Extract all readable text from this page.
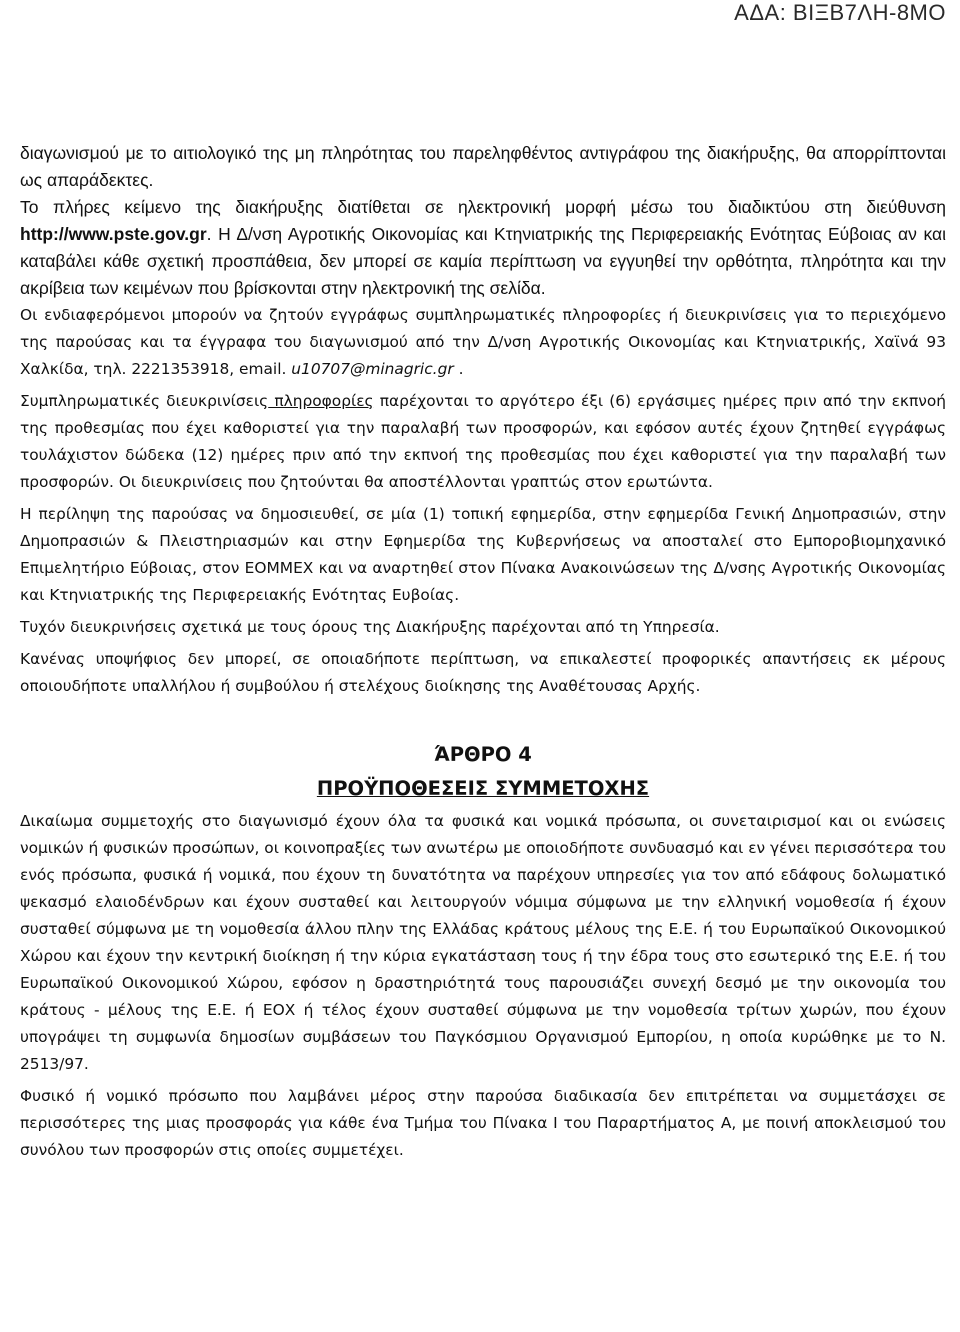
ΑΔΑ: ΒΙΞΒ7ΛΗ-8ΜΟ

διαγωνισμού με το αιτιολογικό της μη πληρότητας του παρεληφθέντος αντιγράφου της διακήρυξης, θα απορρίπτονται ως απαράδεκτες.
Το πλήρες κείμενο της διακήρυξης διατίθεται σε ηλεκτρονική μορφή μέσω του διαδικτύου στη διεύθυνση http://www.pste.gov.gr. Η Δ/νση Αγροτικής Οικονομίας και Κτηνιατρικής της Περιφερειακής Ενότητας Εύβοιας αν και καταβάλει κάθε σχετική προσπάθεια, δεν μπορεί σε καμία περίπτωση να εγγυηθεί την ορθότητα, πληρότητα και την ακρίβεια των κειμένων που βρίσκονται στην ηλεκτρονική της σελίδα.

Οι ενδιαφερόμενοι μπορούν να ζητούν εγγράφως συμπληρωματικές πληροφορίες ή διευκρινίσεις για το περιεχόμενο της παρούσας και τα έγγραφα του διαγωνισμού από την Δ/νση Αγροτικής Οικονομίας και Κτηνιατρικής, Χαϊνά 93 Χαλκίδα, τηλ. 2221353918, email. u10707@minagric.gr .

Συμπληρωματικές διευκρινίσεις πληροφορίες παρέχονται το αργότερο έξι (6) εργάσιμες ημέρες πριν από την εκπνοή της προθεσμίας που έχει καθοριστεί για την παραλαβή των προσφορών, και εφόσον αυτές έχουν ζητηθεί εγγράφως τουλάχιστον δώδεκα (12) ημέρες πριν από την εκπνοή της προθεσμίας που έχει καθοριστεί για την παραλαβή των προσφορών. Οι διευκρινίσεις που ζητούνται θα αποστέλλονται γραπτώς στον ερωτώντα.

Η περίληψη της παρούσας να δημοσιευθεί, σε μία (1) τοπική εφημερίδα, στην εφημερίδα Γενική Δημοπρασιών, στην Δημοπρασιών & Πλειστηριασμών και στην Εφημερίδα της Κυβερνήσεως να αποσταλεί στο Εμποροβιομηχανικό Επιμελητήριο Εύβοιας, στον ΕΟΜΜΕΧ και να αναρτηθεί στον Πίνακα Ανακοινώσεων της Δ/νσης Αγροτικής Οικονομίας και Κτηνιατρικής της Περιφερειακής Ενότητας Ευβοίας.

Τυχόν διευκρινήσεις σχετικά με τους όρους της Διακήρυξης παρέχονται από τη Υπηρεσία.

Κανένας υποψήφιος δεν μπορεί, σε οποιαδήποτε περίπτωση, να επικαλεστεί προφορικές απαντήσεις εκ μέρους οποιουδήποτε υπαλλήλου ή συμβούλου ή στελέχους διοίκησης της Αναθέτουσας Αρχής.

ΆΡΘΡΟ 4
ΠΡΟΫΠΟΘΕΣΕΙΣ ΣΥΜΜΕΤΟΧΗΣ

Δικαίωμα συμμετοχής στο διαγωνισμό έχουν όλα τα φυσικά και νομικά πρόσωπα, οι συνεταιρισμοί και οι ενώσεις νομικών ή φυσικών προσώπων, οι κοινοπραξίες των ανωτέρω με οποιοδήποτε συνδυασμό και εν γένει περισσότερα του ενός πρόσωπα, φυσικά ή νομικά, που έχουν τη δυνατότητα να παρέχουν υπηρεσίες για τον από εδάφους δολωματικό ψεκασμό ελαιοδένδρων και έχουν συσταθεί και λειτουργούν νόμιμα σύμφωνα με την ελληνική νομοθεσία ή έχουν συσταθεί σύμφωνα με τη νομοθεσία άλλου πλην της Ελλάδας κράτους μέλους της Ε.Ε. ή του Ευρωπαϊκού Οικονομικού Χώρου και έχουν την κεντρική διοίκηση ή την κύρια εγκατάσταση τους ή την έδρα τους στο εσωτερικό της Ε.Ε. ή του Ευρωπαϊκού Οικονομικού Χώρου, εφόσον η δραστηριότητά τους παρουσιάζει συνεχή δεσμό με την οικονομία του κράτους - μέλους της Ε.Ε. ή ΕΟΧ ή τέλος έχουν συσταθεί σύμφωνα με την νομοθεσία τρίτων χωρών, που έχουν υπογράψει τη συμφωνία δημοσίων συμβάσεων του Παγκόσμιου Οργανισμού Εμπορίου, η οποία κυρώθηκε με το Ν. 2513/97.

Φυσικό ή νομικό πρόσωπο που λαμβάνει μέρος στην παρούσα διαδικασία δεν επιτρέπεται να συμμετάσχει σε περισσότερες της μιας προσφοράς για κάθε ένα Τμήμα του Πίνακα Ι του Παραρτήματος Α, με ποινή αποκλεισμού του συνόλου των προσφορών στις οποίες συμμετέχει.
